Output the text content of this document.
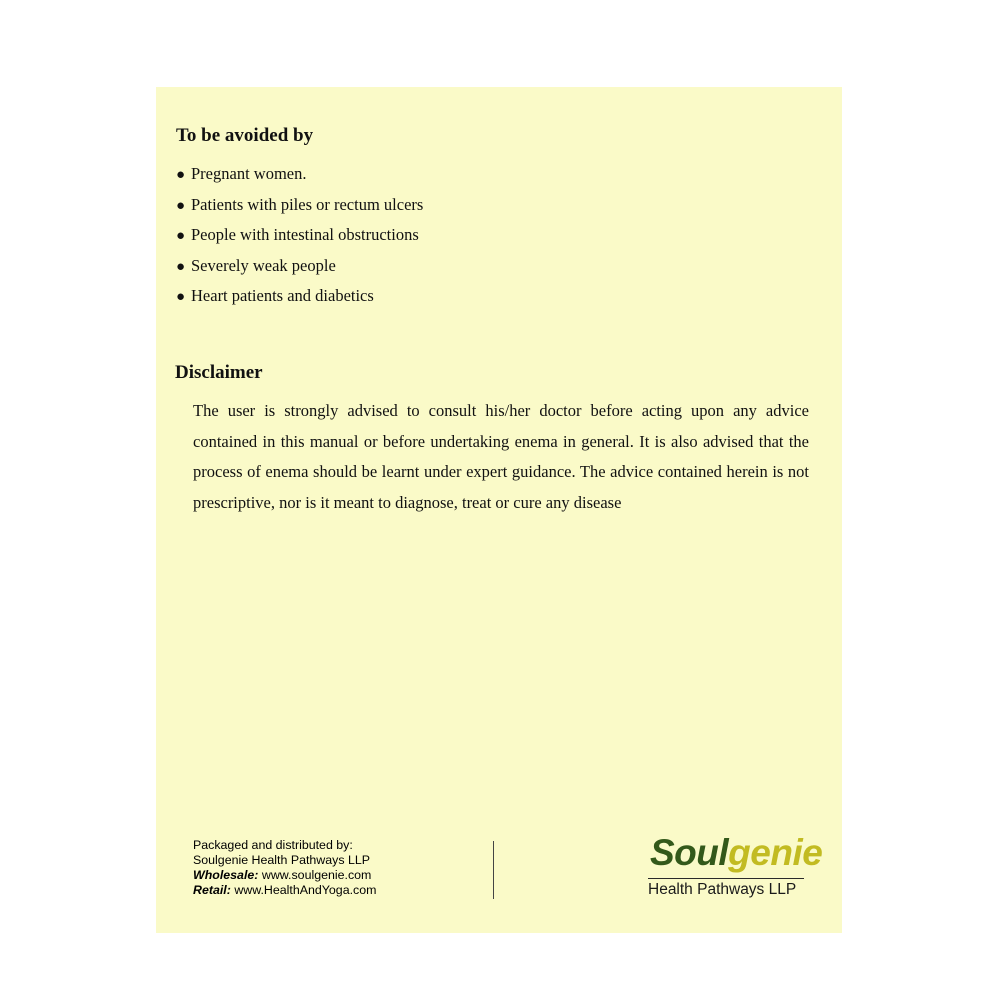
To be avoided by
● Pregnant women.
● Patients with piles or rectum ulcers
● People with intestinal obstructions
● Severely weak people
● Heart patients and diabetics
Disclaimer

The user is strongly advised to consult his/her doctor before acting upon any advice contained in this manual or before undertaking enema in general. It is also advised that the process of enema should be learnt under expert guidance. The advice contained herein is not prescriptive, nor is it meant to diagnose, treat or cure any disease

Packaged and distributed by:
Soulgenie Health Pathways LLP
Wholesale: www.soulgenie.com
Retail: www.HealthAndYoga.com
Soulgenie
Health Pathways LLP
